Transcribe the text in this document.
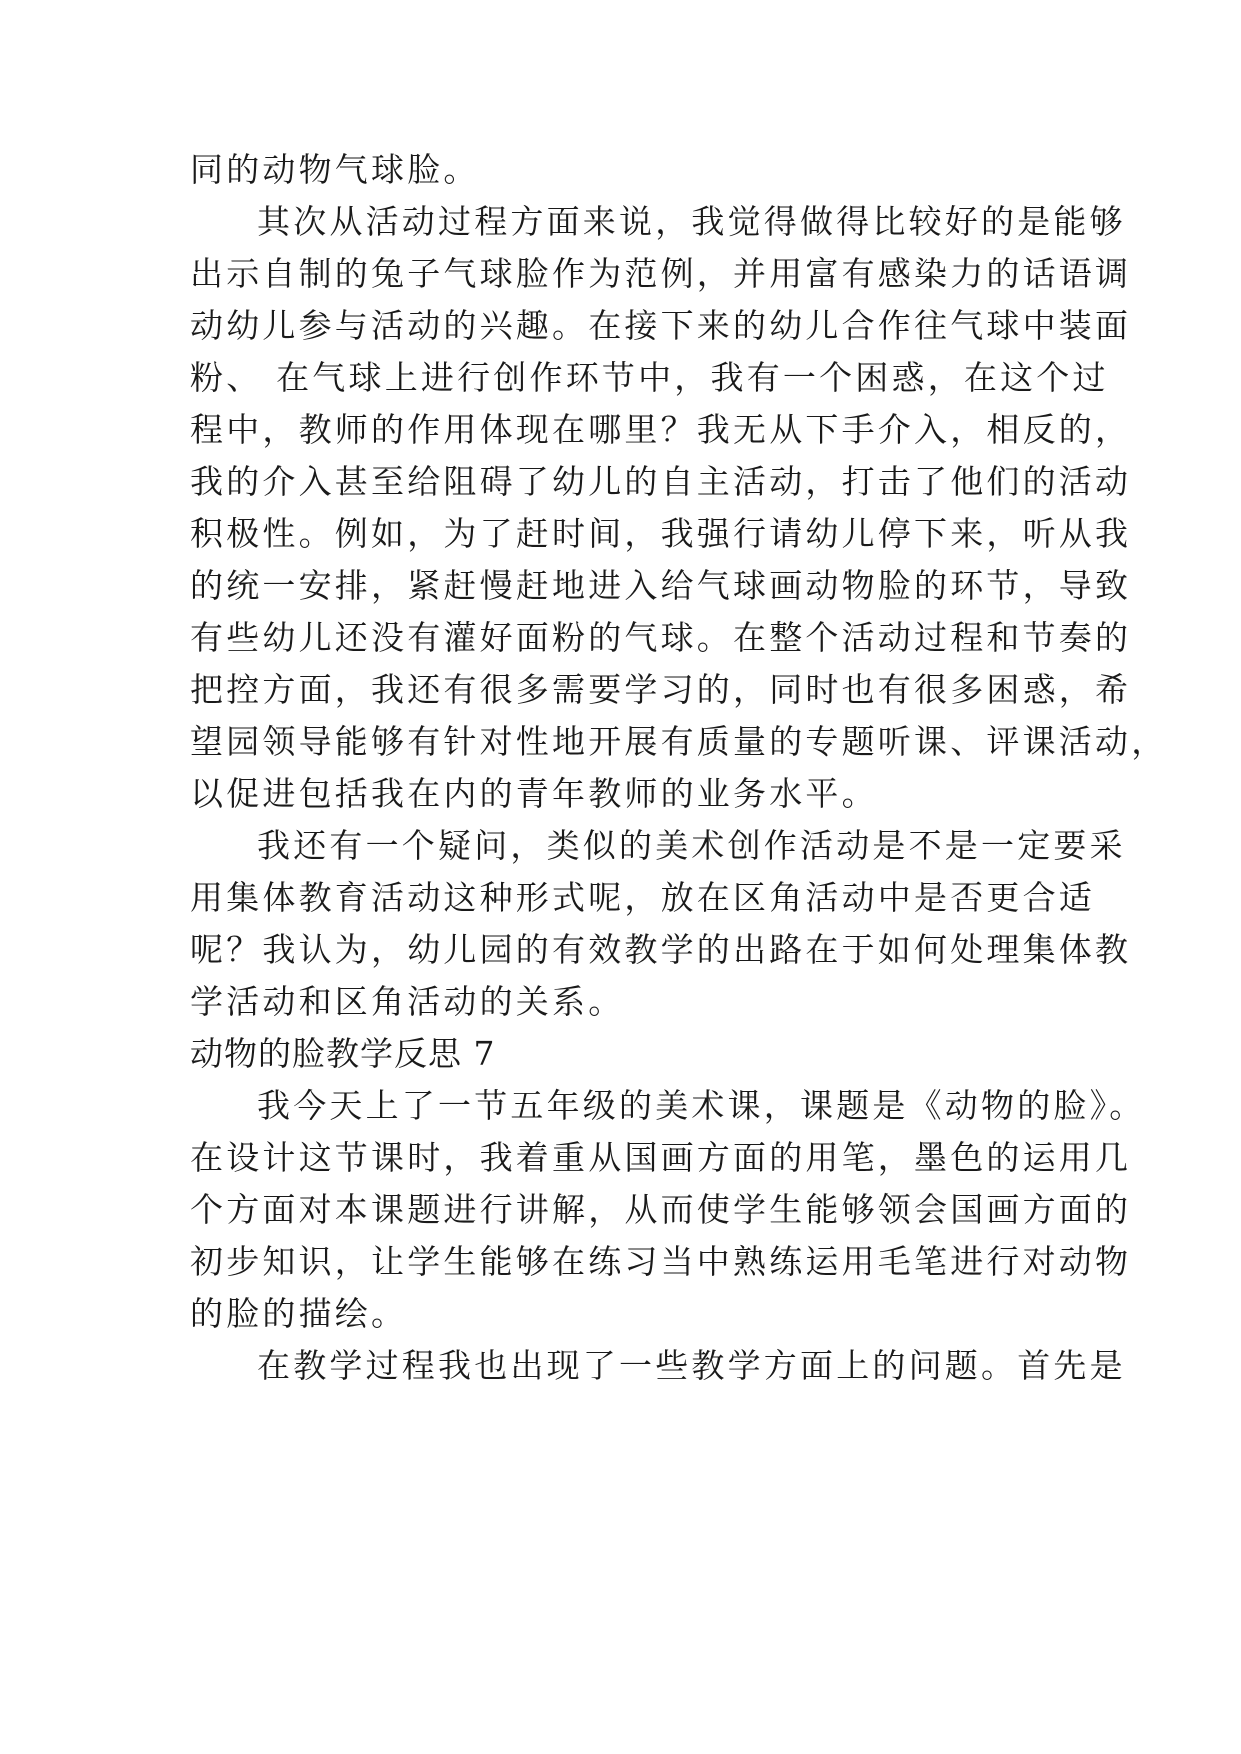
同的动物气球脸。
其次从活动过程方面来说，我觉得做得比较好的是能够
出示自制的兔子气球脸作为范例，并用富有感染力的话语调
动幼儿参与活动的兴趣。在接下来的幼儿合作往气球中装面
粉、 在气球上进行创作环节中，我有一个困惑，在这个过
程中，教师的作用体现在哪里？我无从下手介入，相反的，
我的介入甚至给阻碍了幼儿的自主活动，打击了他们的活动
积极性。例如，为了赶时间，我强行请幼儿停下来，听从我
的统一安排，紧赶慢赶地进入给气球画动物脸的环节，导致
有些幼儿还没有灌好面粉的气球。在整个活动过程和节奏的
把控方面，我还有很多需要学习的，同时也有很多困惑，希
望园领导能够有针对性地开展有质量的专题听课、评课活动，
以促进包括我在内的青年教师的业务水平。
我还有一个疑问，类似的美术创作活动是不是一定要采
用集体教育活动这种形式呢，放在区角活动中是否更合适
呢？我认为，幼儿园的有效教学的出路在于如何处理集体教
学活动和区角活动的关系。
动物的脸教学反思 7
我今天上了一节五年级的美术课，课题是《动物的脸》。
在设计这节课时，我着重从国画方面的用笔，墨色的运用几
个方面对本课题进行讲解，从而使学生能够领会国画方面的
初步知识，让学生能够在练习当中熟练运用毛笔进行对动物
的脸的描绘。
在教学过程我也出现了一些教学方面上的问题。首先是
